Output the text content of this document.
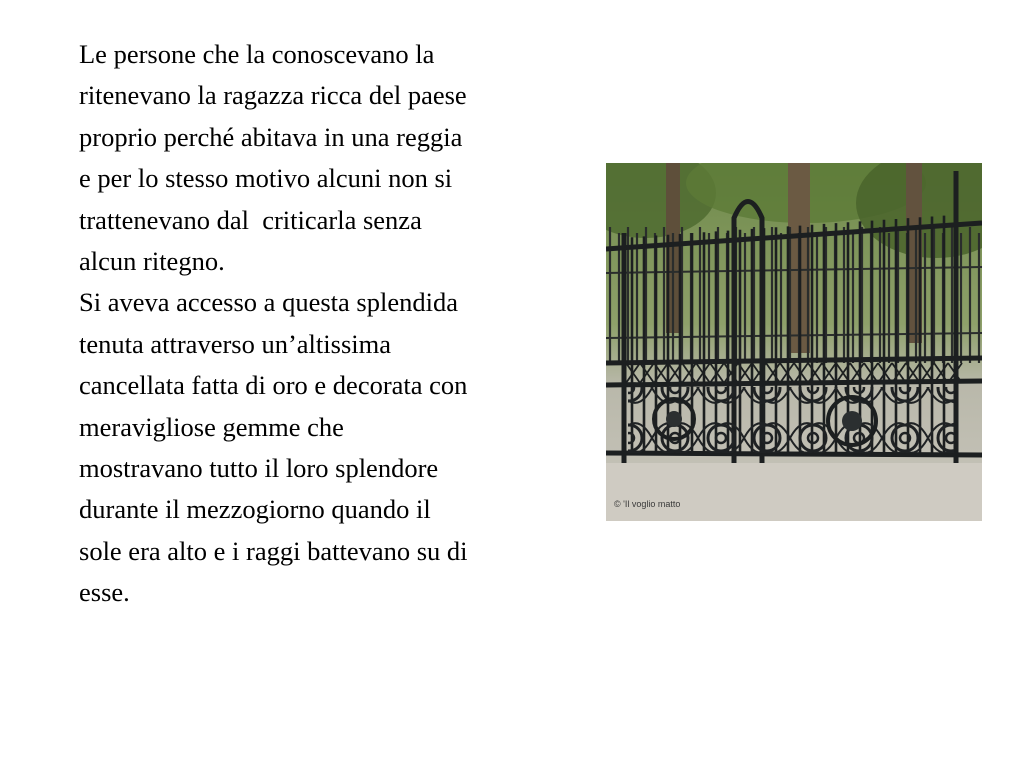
Le persone che la conoscevano la
ritenevano la ragazza ricca del paese
proprio perché abitava in una reggia
e per lo stesso motivo alcuni non si
trattenevano dal  criticarla senza
alcun ritegno.
Si aveva accesso a questa splendida
tenuta attraverso un’altissima
cancellata fatta di oro e decorata con
meravigliose gemme che
mostravano tutto il loro splendore
durante il mezzogiorno quando il
sole era alto e i raggi battevano su di
esse.
© 'Il voglio matto
